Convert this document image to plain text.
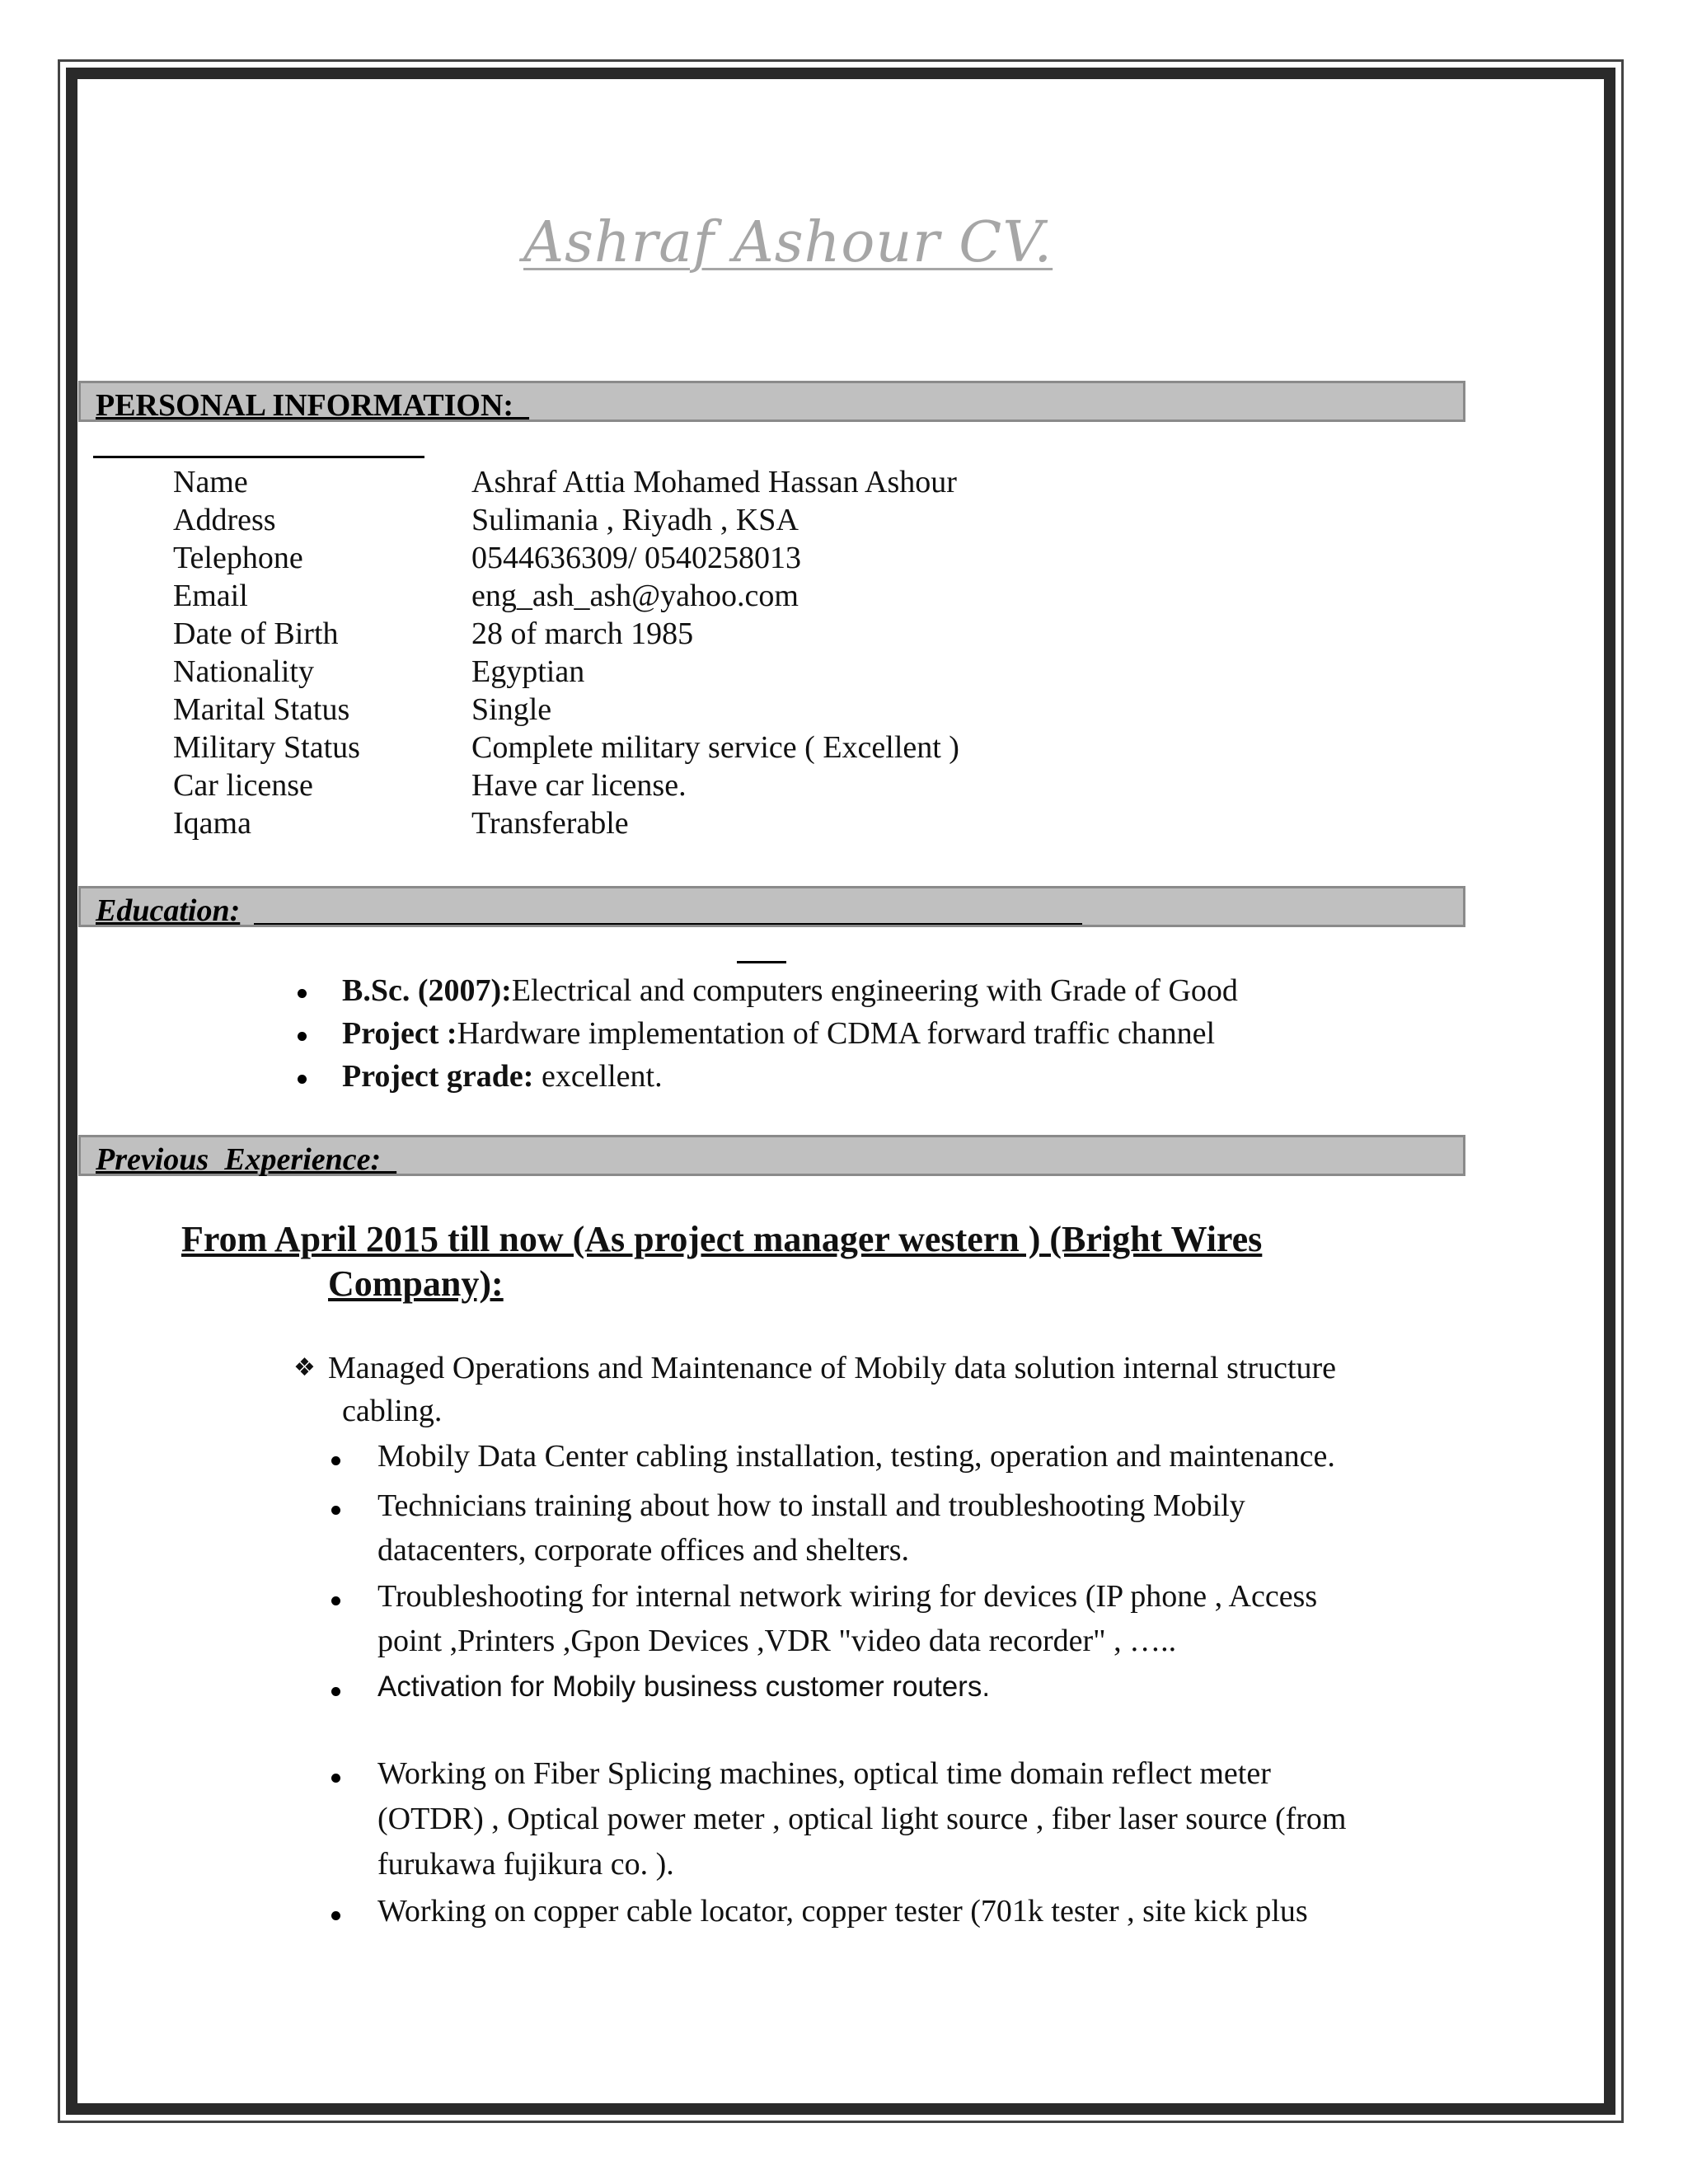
Ashraf Ashour CV.
PERSONAL INFORMATION:
Name	Ashraf Attia Mohamed Hassan Ashour
Address	Sulimania , Riyadh , KSA
Telephone	0544636309/ 0540258013
Email	eng_ash_ash@yahoo.com
Date of Birth	28 of march 1985
Nationality	Egyptian
Marital Status	Single
Military Status	Complete military service ( Excellent )
Car license	Have car license.
Iqama	Transferable
Education:
B.Sc. (2007):Electrical and computers engineering with Grade of Good
Project :Hardware implementation of CDMA forward traffic channel
Project grade: excellent.
Previous  Experience:
From April 2015 till now (As project manager western ) (Bright Wires
Company):
❖ Managed Operations and Maintenance of Mobily data solution internal structure
cabling.
Mobily Data Center cabling installation, testing, operation and maintenance.
Technicians training about how to install and troubleshooting Mobily
datacenters, corporate offices and shelters.
Troubleshooting for internal network wiring for devices (IP phone , Access
point ,Printers ,Gpon Devices ,VDR "video data recorder" , …..
Activation for Mobily business customer routers.
Working on Fiber Splicing machines, optical time domain reflect meter
(OTDR) , Optical power meter , optical light source , fiber laser source (from
furukawa fujikura co. ).
Working on copper cable locator, copper tester (701k tester , site kick plus
